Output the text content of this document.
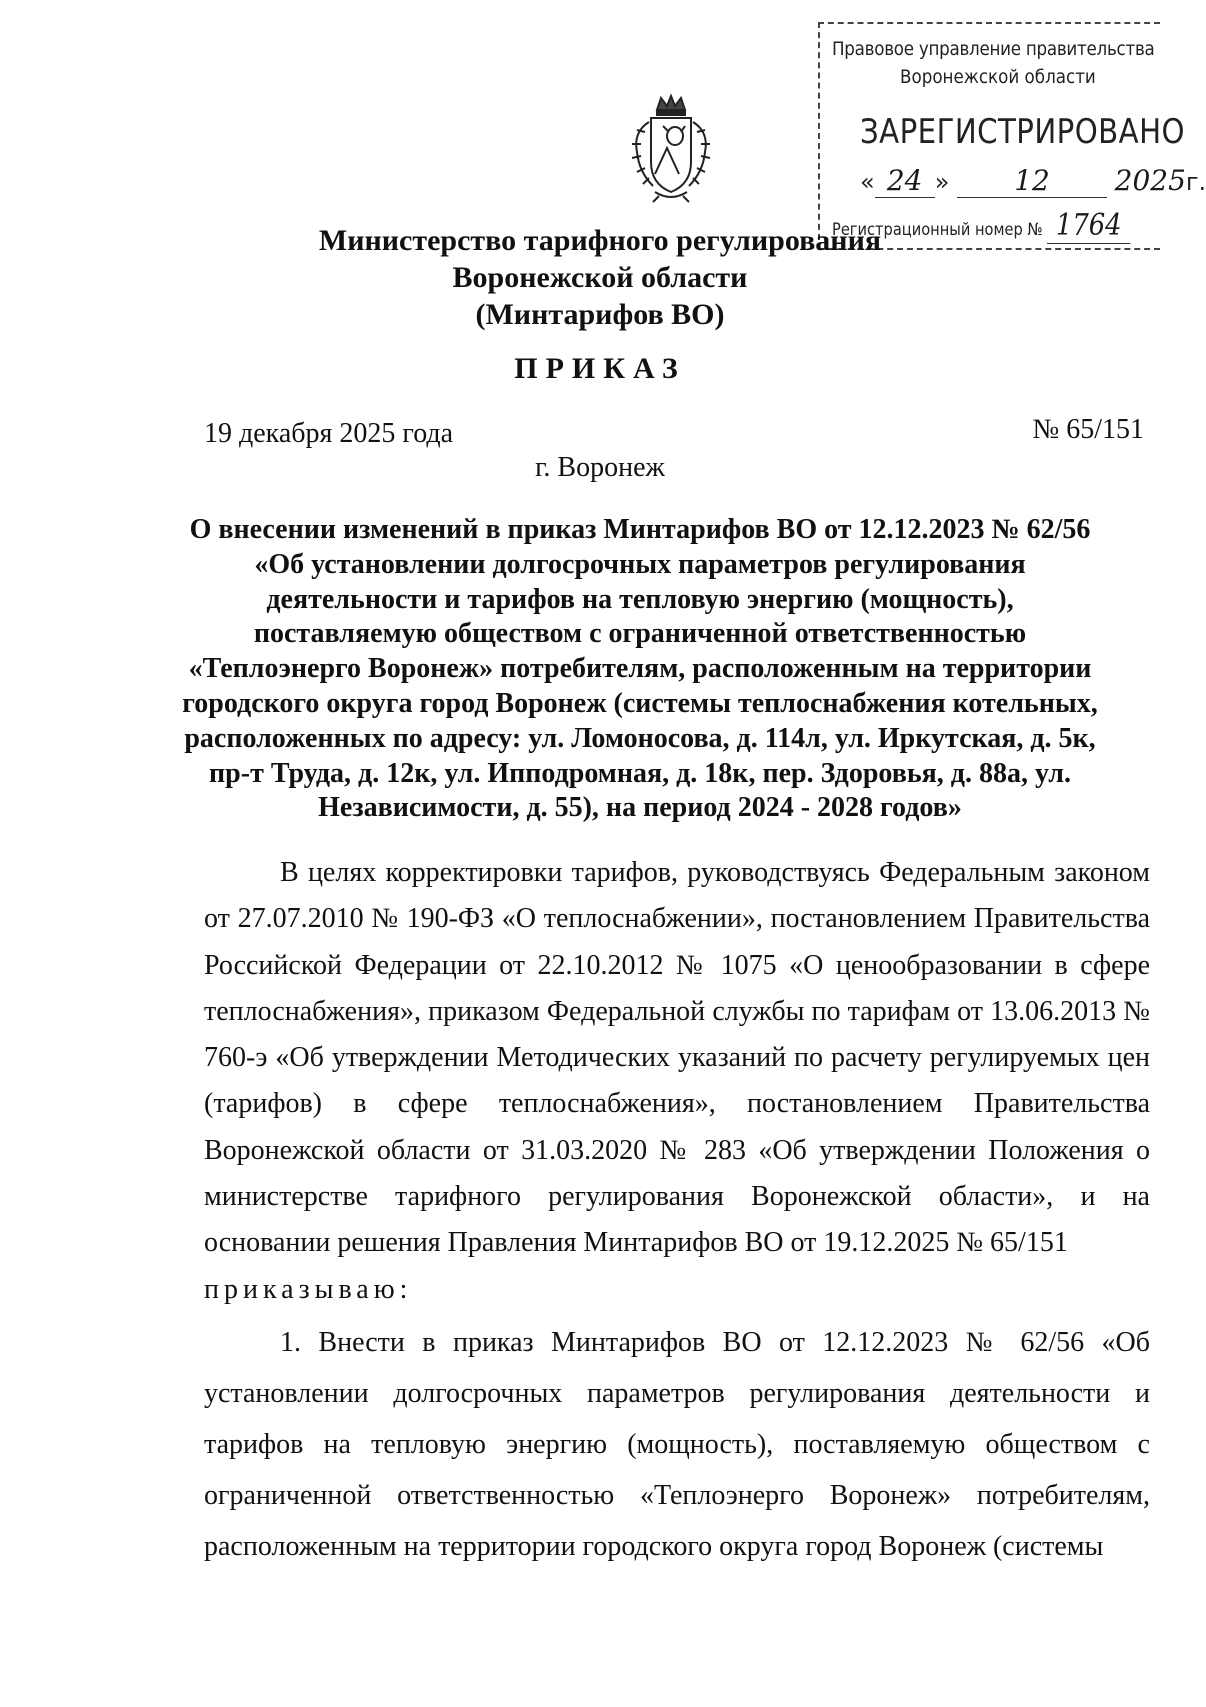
Правовое управление правительства
Воронежской области
ЗАРЕГИСТРИРОВАНО
« 24 » 12 2025г.
Регистрационный номер № 1764
Министерство тарифного регулирования
Воронежской области
(Минтарифов ВО)
ПРИКАЗ
19 декабря 2025 года	№ 65/151
г. Воронеж
О внесении изменений в приказ Минтарифов ВО от 12.12.2023 № 62/56
«Об установлении долгосрочных параметров регулирования
деятельности и тарифов на тепловую энергию (мощность),
поставляемую обществом с ограниченной ответственностью
«Теплоэнерго Воронеж» потребителям, расположенным на территории
городского округа город Воронеж (системы теплоснабжения котельных,
расположенных по адресу: ул. Ломоносова, д. 114л, ул. Иркутская, д. 5к,
пр-т Труда, д. 12к, ул. Ипподромная, д. 18к, пер. Здоровья, д. 88а, ул.
Независимости, д. 55), на период 2024 - 2028 годов»

В целях корректировки тарифов, руководствуясь Федеральным законом от 27.07.2010 № 190-ФЗ «О теплоснабжении», постановлением Правительства Российской Федерации от 22.10.2012 № 1075 «О ценообразовании в сфере теплоснабжения», приказом Федеральной службы по тарифам от 13.06.2013 № 760-э «Об утверждении Методических указаний по расчету регулируемых цен (тарифов) в сфере теплоснабжения», постановлением Правительства Воронежской области от 31.03.2020 № 283 «Об утверждении Положения о министерстве тарифного регулирования Воронежской области», и на основании решения Правления Минтарифов ВО от 19.12.2025 № 65/151

приказываю:

1. Внести в приказ Минтарифов ВО от 12.12.2023 № 62/56 «Об установлении долгосрочных параметров регулирования деятельности и тарифов на тепловую энергию (мощность), поставляемую обществом с ограниченной ответственностью «Теплоэнерго Воронеж» потребителям, расположенным на территории городского округа город Воронеж (системы
